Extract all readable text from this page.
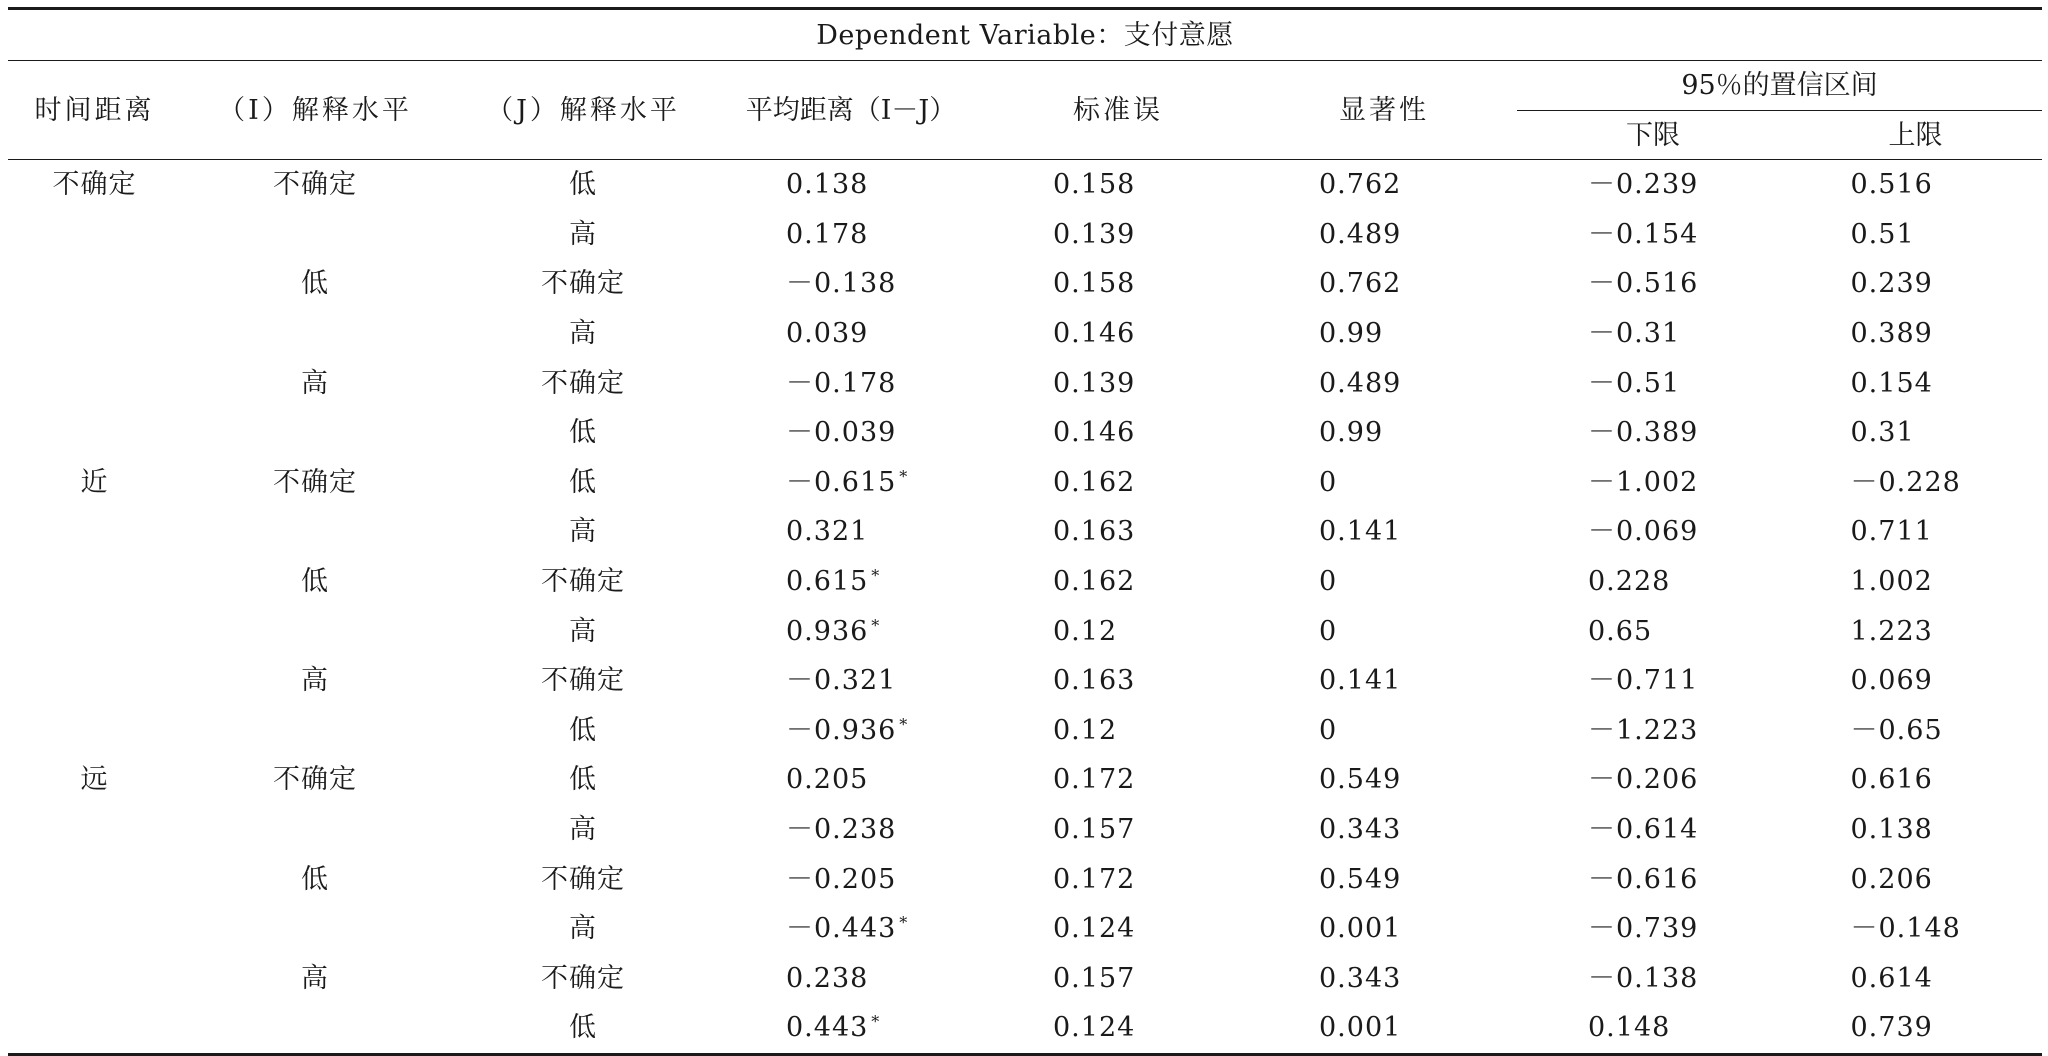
Dependent Variable：支付意愿							
时间距离	（I）解释水平	（J）解释水平	平均距离（I－J）	标准误	显著性	95％的置信区间	
						下限	上限
不确定	不确定	低	0.138	0.158	0.762	－0.239	0.516
		高	0.178	0.139	0.489	－0.154	0.51
	低	不确定	－0.138	0.158	0.762	－0.516	0.239
		高	0.039	0.146	0.99	－0.31	0.389
	高	不确定	－0.178	0.139	0.489	－0.51	0.154
		低	－0.039	0.146	0.99	－0.389	0.31
近	不确定	低	－0.615 *	0.162	0	－1.002	－0.228
		高	0.321	0.163	0.141	－0.069	0.711
	低	不确定	0.615 *	0.162	0	0.228	1.002
		高	0.936 *	0.12	0	0.65	1.223
	高	不确定	－0.321	0.163	0.141	－0.711	0.069
		低	－0.936 *	0.12	0	－1.223	－0.65
远	不确定	低	0.205	0.172	0.549	－0.206	0.616
		高	－0.238	0.157	0.343	－0.614	0.138
	低	不确定	－0.205	0.172	0.549	－0.616	0.206
		高	－0.443 *	0.124	0.001	－0.739	－0.148
	高	不确定	0.238	0.157	0.343	－0.138	0.614
		低	0.443 *	0.124	0.001	0.148	0.739
